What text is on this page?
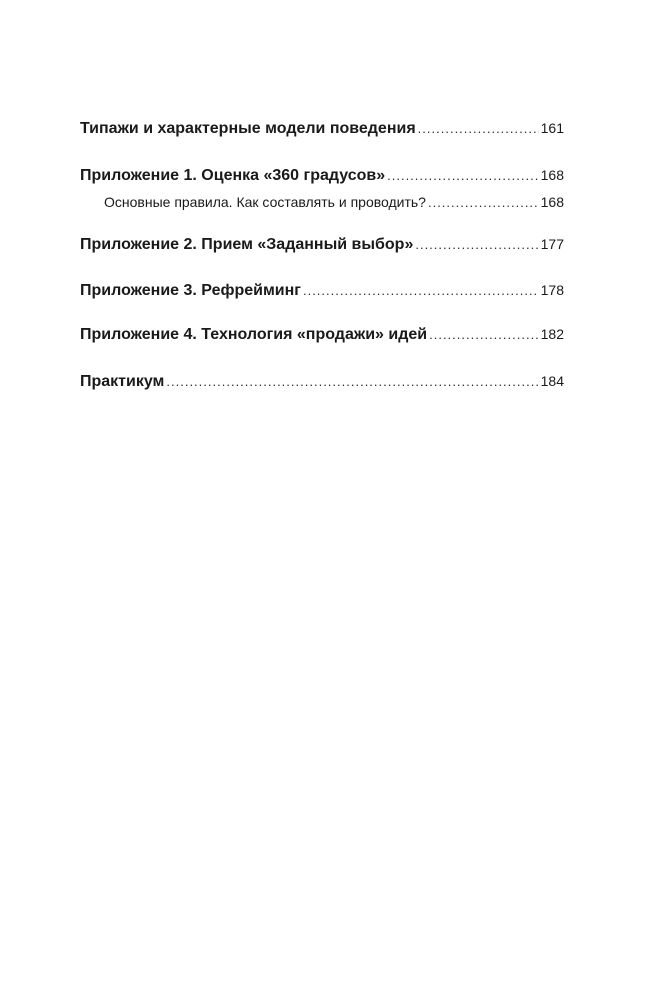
Типажи и характерные модели поведения .....	161
Приложение 1. Оценка «360 градусов» .....	168
Основные правила. Как составлять и проводить? .....	168
Приложение 2. Прием «Заданный выбор» .....	177
Приложение 3. Рефрейминг .....	178
Приложение 4. Технология «продажи» идей .....	182
Практикум .....	184
